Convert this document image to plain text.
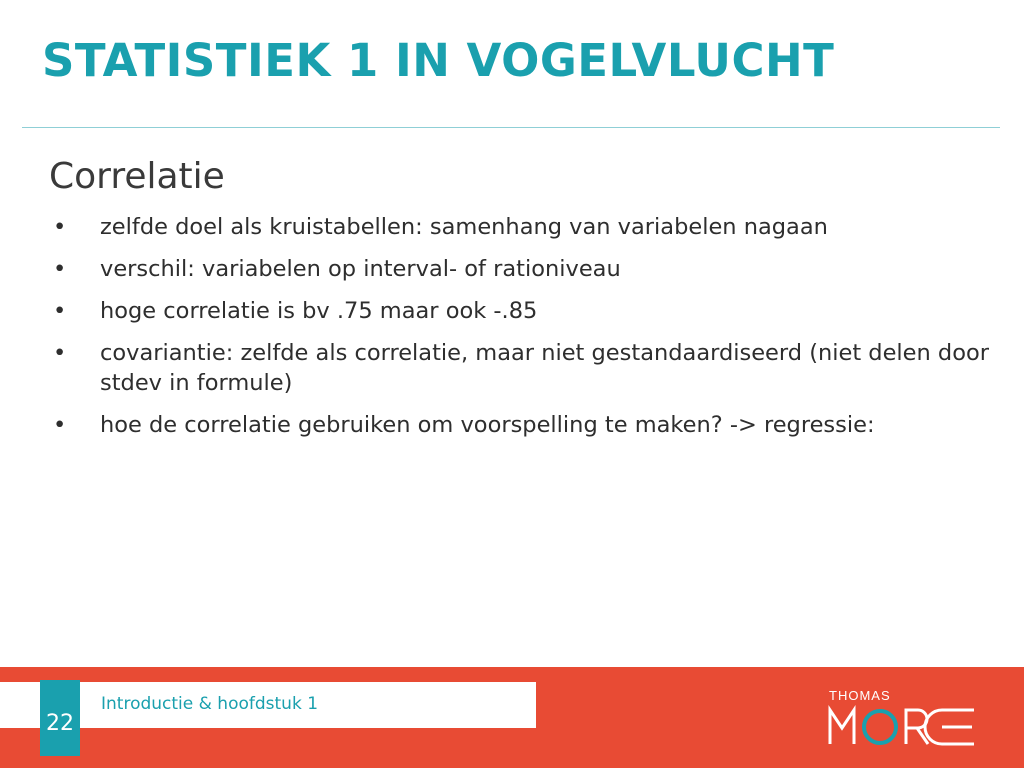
STATISTIEK 1 IN VOGELVLUCHT
Correlatie
• zelfde doel als kruistabellen: samenhang van variabelen nagaan
• verschil: variabelen op interval- of rationiveau
• hoge correlatie is bv .75 maar ook -.85
• covariantie: zelfde als correlatie, maar niet gestandaardiseerd (niet delen door stdev in formule)
• hoe de correlatie gebruiken om voorspelling te maken? -> regressie:
22
Introductie & hoofdstuk 1	THOMAS
